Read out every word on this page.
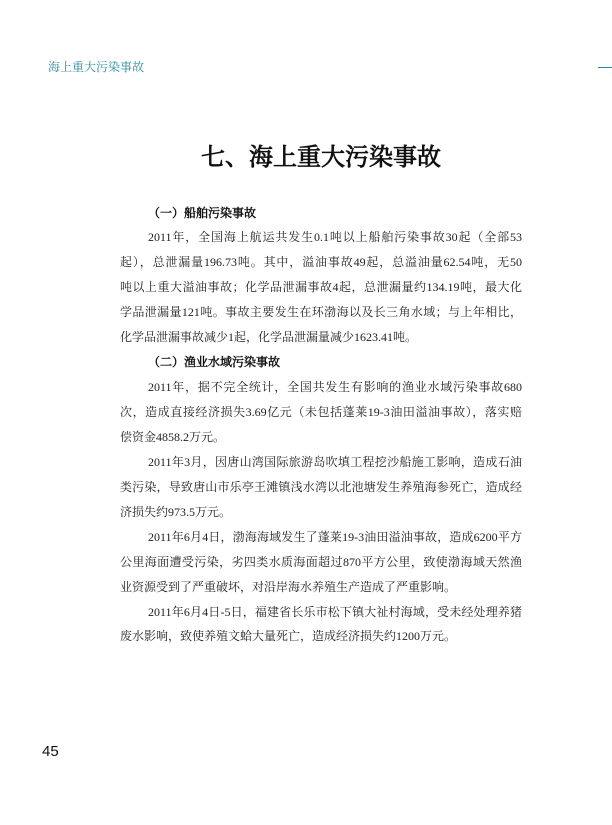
海上重大污染事故
七、海上重大污染事故
（一）船舶污染事故
2011年，全国海上航运共发生0.1吨以上船舶污染事故30起（全部53
起），总泄漏量196.73吨。其中，溢油事故49起，总溢油量62.54吨，无50
吨以上重大溢油事故；化学品泄漏事故4起，总泄漏量约134.19吨，最大化
学品泄漏量121吨。事故主要发生在环渤海以及长三角水域；与上年相比，
化学品泄漏事故减少1起，化学品泄漏量减少1623.41吨。
（二）渔业水域污染事故
2011年，据不完全统计，全国共发生有影响的渔业水域污染事故680
次，造成直接经济损失3.69亿元（未包括蓬莱19-3油田溢油事故），落实赔
偿资金4858.2万元。
2011年3月，因唐山湾国际旅游岛吹填工程挖沙船施工影响，造成石油
类污染，导致唐山市乐亭王滩镇浅水湾以北池塘发生养殖海参死亡，造成经
济损失约973.5万元。
2011年6月4日，渤海海域发生了蓬莱19-3油田溢油事故，造成6200平方
公里海面遭受污染，劣四类水质海面超过870平方公里，致使渤海域天然渔
业资源受到了严重破坏，对沿岸海水养殖生产造成了严重影响。
2011年6月4日-5日，福建省长乐市松下镇大祉村海域，受未经处理养猪
废水影响，致使养殖文蛤大量死亡，造成经济损失约1200万元。
45
